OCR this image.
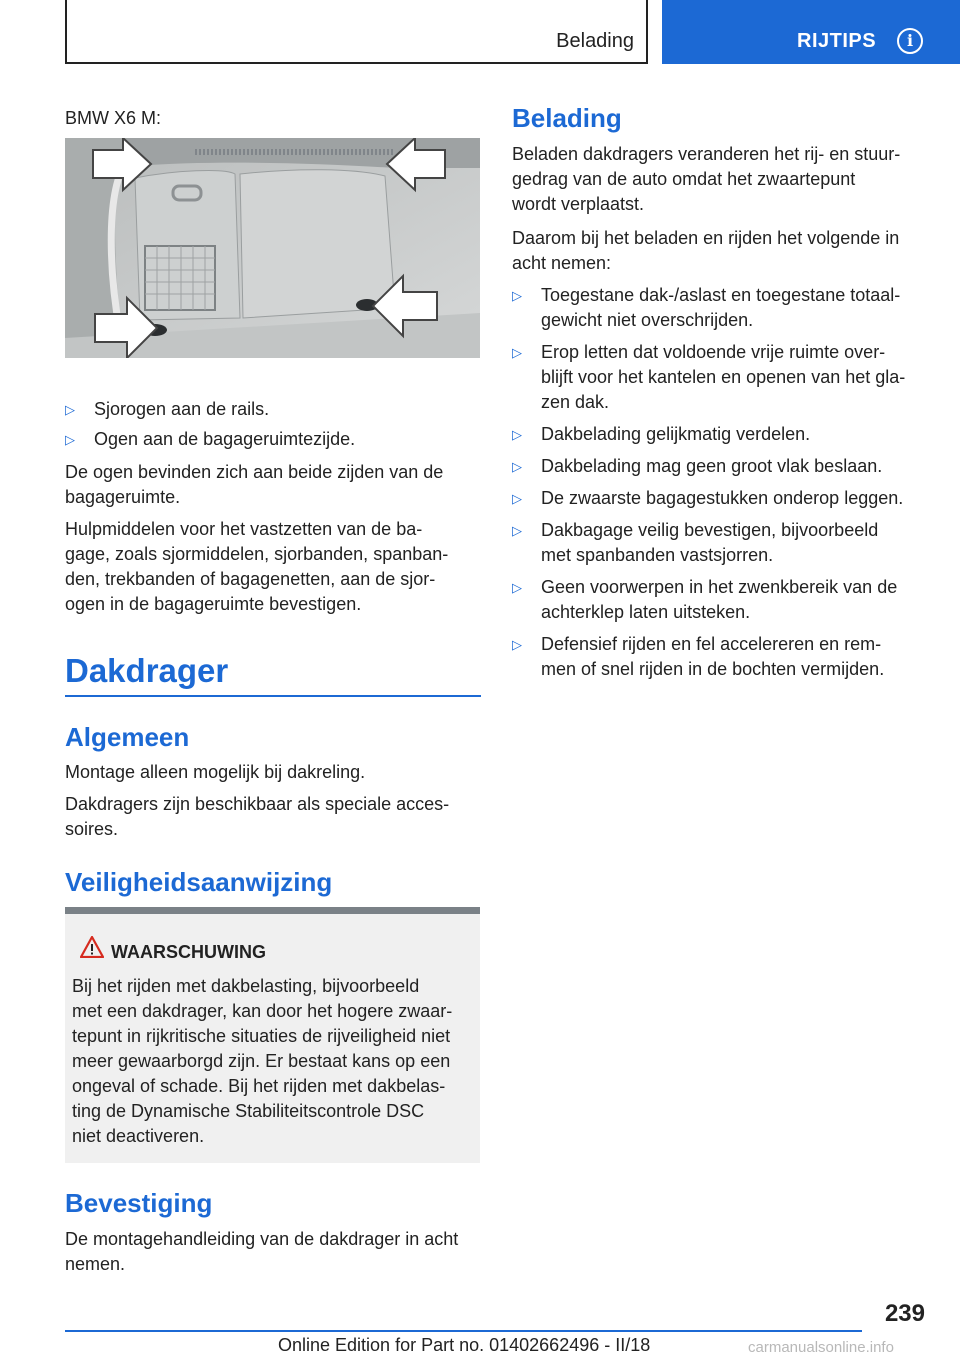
Belading	RIJTIPS	i

BMW X6 M:

▷ Sjorogen aan de rails.
▷ Ogen aan de bagageruimtezijde.

De ogen bevinden zich aan beide zijden van de

bagageruimte.

Hulpmiddelen voor het vastzetten van de ba-

gage, zoals sjormiddelen, sjorbanden, spanban-

den, trekbanden of bagagenetten, aan de sjor-

ogen in de bagageruimte bevestigen.

Dakdrager
Algemeen

Montage alleen mogelijk bij dakreling.

Dakdragers zijn beschikbaar als speciale acces-

soires.

Veiligheidsaanwijzing
WAARSCHUWING

Bij het rijden met dakbelasting, bijvoorbeeld

met een dakdrager, kan door het hogere zwaar-

tepunt in rijkritische situaties de rijveiligheid niet

meer gewaarborgd zijn. Er bestaat kans op een

ongeval of schade. Bij het rijden met dakbelas-

ting de Dynamische Stabiliteitscontrole DSC

niet deactiveren.

Bevestiging

De montagehandleiding van de dakdrager in acht

nemen.

Belading

Beladen dakdragers veranderen het rij- en stuur-

gedrag van de auto omdat het zwaartepunt

wordt verplaatst.

Daarom bij het beladen en rijden het volgende in

acht nemen:

▷ Toegestane dak-/aslast en toegestane totaal-

gewicht niet overschrijden.

▷ Erop letten dat voldoende vrije ruimte over-

blijft voor het kantelen en openen van het gla-

zen dak.

▷ Dakbelading gelijkmatig verdelen.

▷ Dakbelading mag geen groot vlak beslaan.

▷ De zwaarste bagagestukken onderop leggen.

▷ Dakbagage veilig bevestigen, bijvoorbeeld

met spanbanden vastsjorren.

▷ Geen voorwerpen in het zwenkbereik van de

achterklep laten uitsteken.

▷ Defensief rijden en fel accelereren en rem-

men of snel rijden in de bochten vermijden.

239
Online Edition for Part no. 01402662496 - II/18	carmanualsonline.info
